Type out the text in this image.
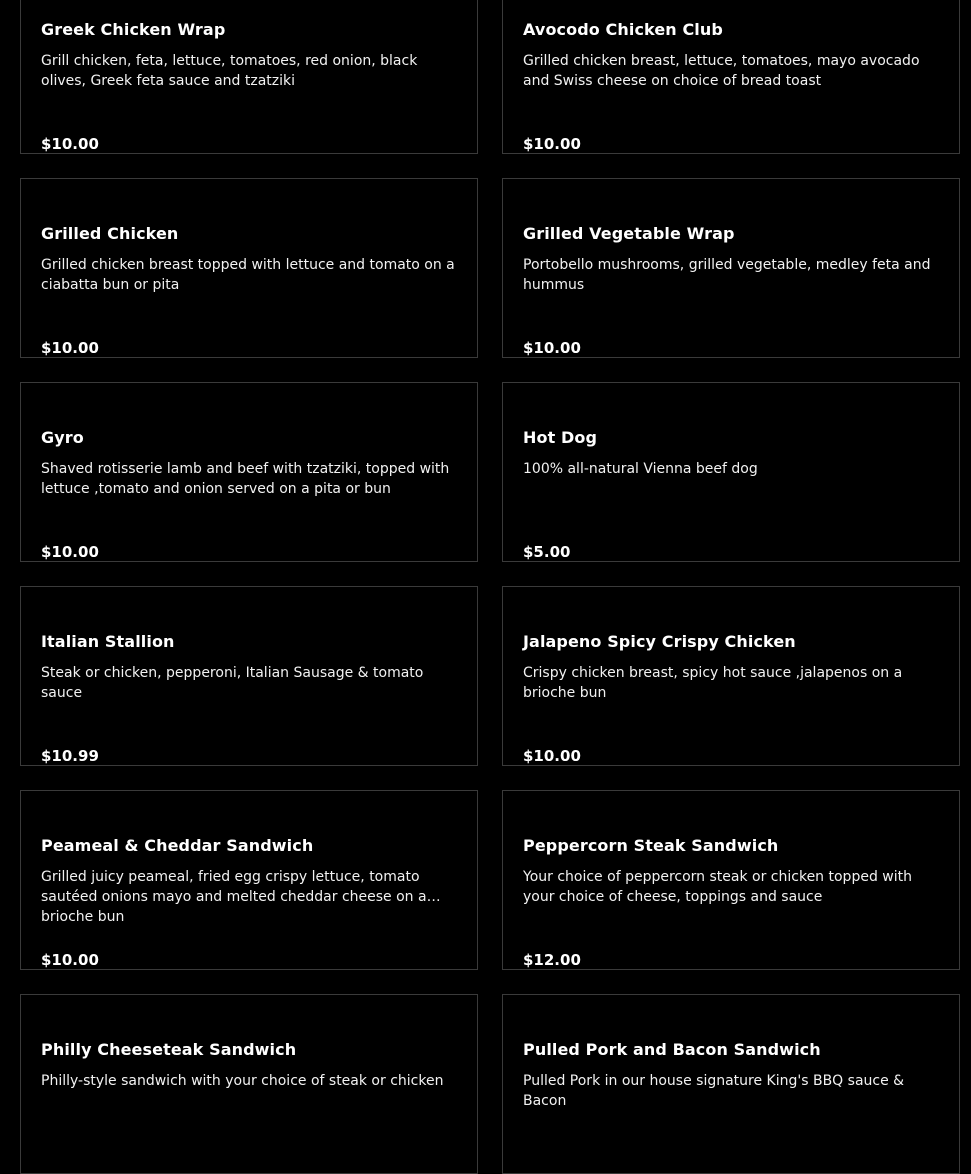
Greek Chicken Wrap

Grill chicken, feta, lettuce, tomatoes, red onion, black olives, Greek feta sauce and tzatziki

$10.00

Avocodo Chicken Club

Grilled chicken breast, lettuce, tomatoes, mayo avocado and Swiss cheese on choice of bread toast

$10.00

Grilled Chicken

Grilled chicken breast topped with lettuce and tomato on a ciabatta bun or pita

$10.00

Grilled Vegetable Wrap

Portobello mushrooms, grilled vegetable, medley feta and hummus

$10.00

Gyro

Shaved rotisserie lamb and beef with tzatziki, topped with lettuce ,tomato and onion served on a pita or bun

$10.00

Hot Dog

100% all-natural Vienna beef dog

$5.00

Italian Stallion

Steak or chicken, pepperoni, Italian Sausage & tomato sauce

$10.99

Jalapeno Spicy Crispy Chicken

Crispy chicken breast, spicy hot sauce ,jalapenos on a brioche bun

$10.00

Peameal & Cheddar Sandwich

Grilled juicy peameal, fried egg crispy lettuce, tomato sautéed onions mayo and melted cheddar cheese on a brioche bun

$10.00

Peppercorn Steak Sandwich

Your choice of peppercorn steak or chicken topped with your choice of cheese, toppings and sauce

$12.00

Philly Cheeseteak Sandwich

Philly-style sandwich with your choice of steak or chicken

Pulled Pork and Bacon Sandwich

Pulled Pork in our house signature King's BBQ sauce & Bacon
